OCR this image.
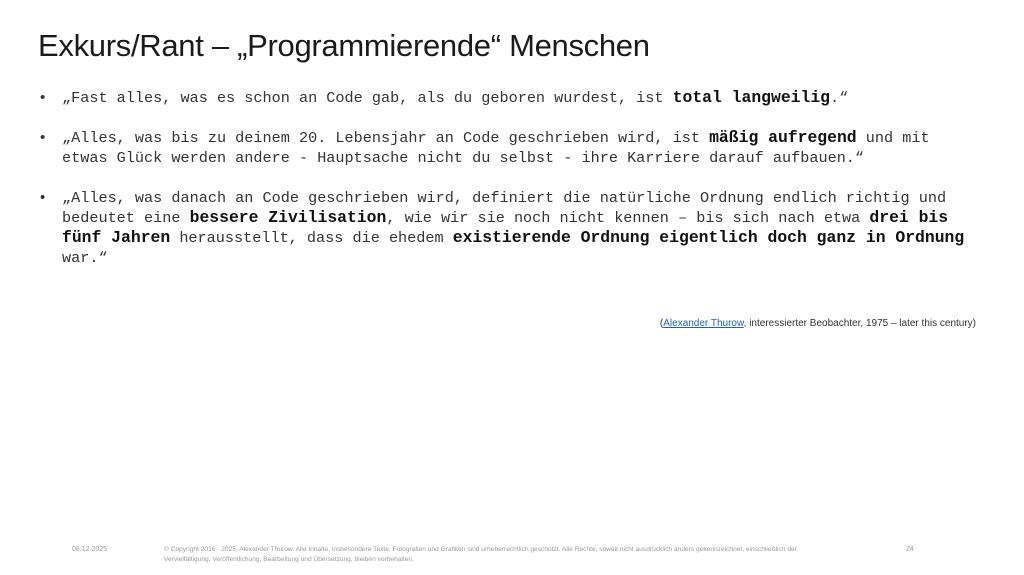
Exkurs/Rant – „Programmierende“ Menschen
• „Fast alles, was es schon an Code gab, als du geboren wurdest, ist total langweilig.“
• „Alles, was bis zu deinem 20. Lebensjahr an Code geschrieben wird, ist mäßig aufregend und mit etwas Glück werden andere - Hauptsache nicht du selbst - ihre Karriere darauf aufbauen.“
• „Alles, was danach an Code geschrieben wird, definiert die natürliche Ordnung endlich richtig und bedeutet eine bessere Zivilisation, wie wir sie noch nicht kennen – bis sich nach etwa drei bis fünf Jahren herausstellt, dass die ehedem existierende Ordnung eigentlich doch ganz in Ordnung war.“
(Alexander Thurow, interessierter Beobachter, 1975 – later this century)
08.12.2025	© Copyright 2016 - 2025, Alexander Thurow. Alle Inhalte, insbesondere Texte, Fotografien und Grafiken sind urheberrechtlich geschützt. Alle Rechte, soweit nicht ausdrücklich anders gekennzeichnet, einschließlich der Vervielfältigung, Veröffentlichung, Bearbeitung und Übersetzung, bleiben vorbehalten.
24
